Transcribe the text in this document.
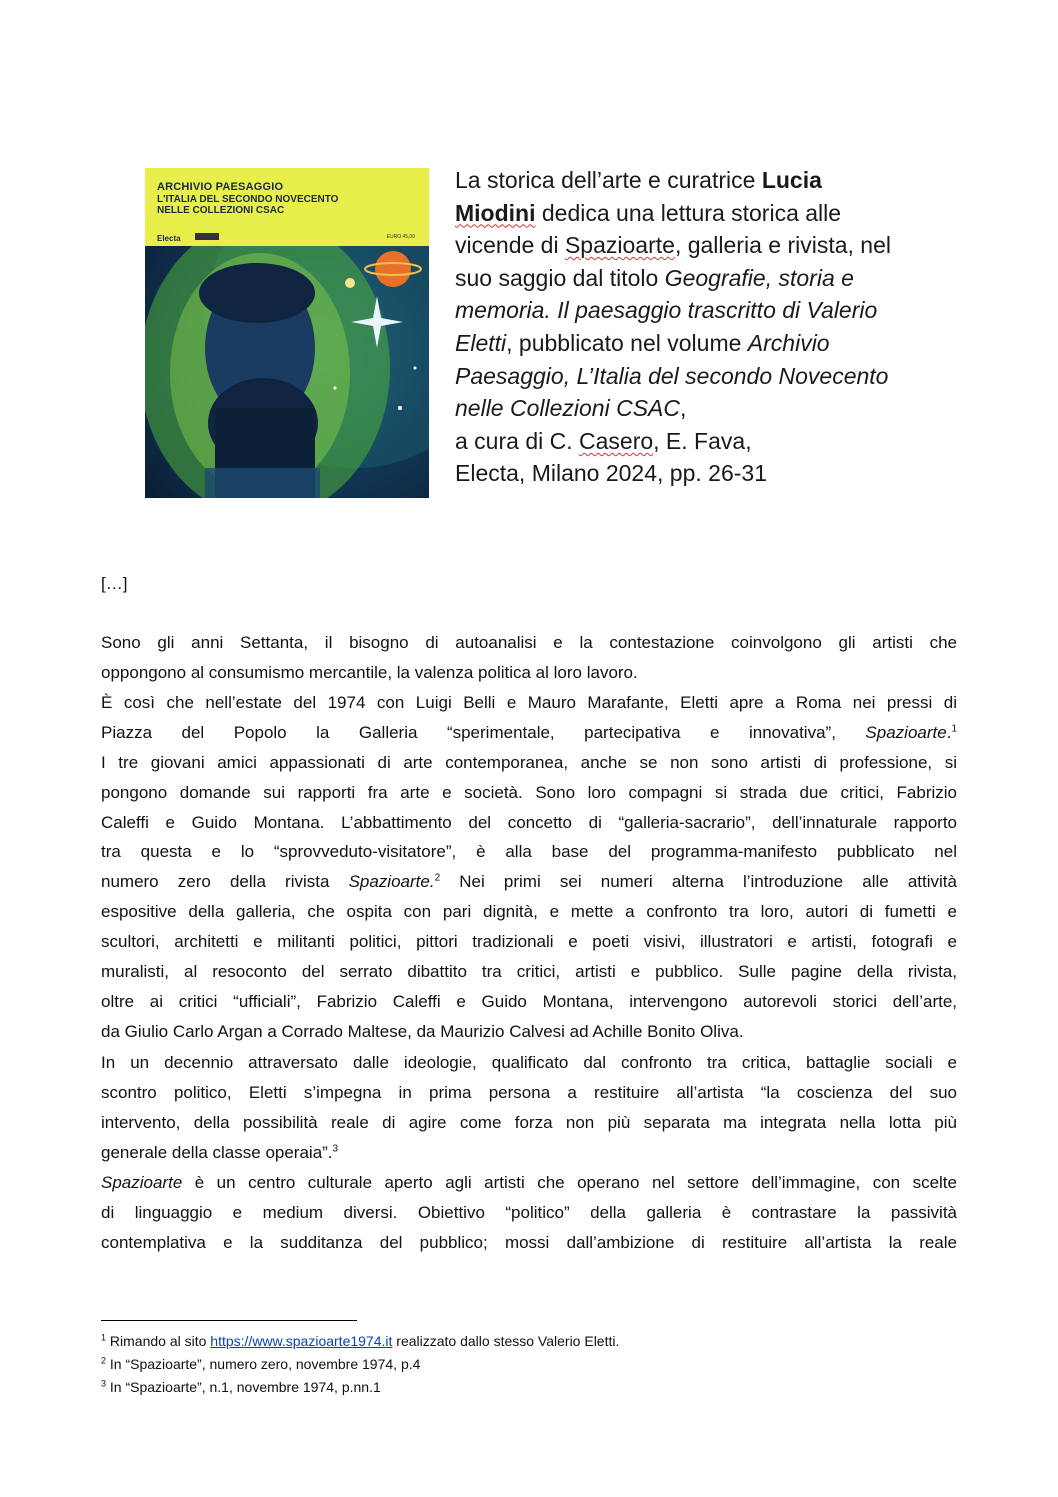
ARCHIVIO PAESAGGIO
L'ITALIA DEL SECONDO NOVECENTO
NELLE COLLEZIONI CSAC
Electa	EURO 45,00
La storica dell’arte e curatrice Lucia
Miodini dedica una lettura storica alle
vicende di Spazioarte, galleria e rivista, nel
suo saggio dal titolo Geografie, storia e
memoria. Il paesaggio trascritto di Valerio
Eletti, pubblicato nel volume Archivio
Paesaggio, L’Italia del secondo Novecento
nelle Collezioni CSAC,
a cura di C. Casero, E. Fava,
Electa, Milano 2024, pp. 26-31
[…]
Sono gli anni Settanta, il bisogno di autoanalisi e la contestazione coinvolgono gli artisti che
oppongono al consumismo mercantile, la valenza politica al loro lavoro.
È così che nell’estate del 1974 con Luigi Belli e Mauro Marafante, Eletti apre a Roma nei pressi di
Piazza del Popolo la Galleria “sperimentale, partecipativa e innovativa”, Spazioarte.$^1$
I tre giovani amici appassionati di arte contemporanea, anche se non sono artisti di professione, si
pongono domande sui rapporti fra arte e società. Sono loro compagni si strada due critici, Fabrizio
Caleffi e Guido Montana. L’abbattimento del concetto di “galleria-sacrario”, dell’innaturale rapporto
tra questa e lo “sprovveduto-visitatore”, è alla base del programma-manifesto pubblicato nel
numero zero della rivista Spazioarte.$^2$ Nei primi sei numeri alterna l’introduzione alle attività
espositive della galleria, che ospita con pari dignità, e mette a confronto tra loro, autori di fumetti e
scultori, architetti e militanti politici, pittori tradizionali e poeti visivi, illustratori e artisti, fotografi e
muralisti, al resoconto del serrato dibattito tra critici, artisti e pubblico. Sulle pagine della rivista,
oltre ai critici “ufficiali”, Fabrizio Caleffi e Guido Montana, intervengono autorevoli storici dell’arte,
da Giulio Carlo Argan a Corrado Maltese, da Maurizio Calvesi ad Achille Bonito Oliva.
In un decennio attraversato dalle ideologie, qualificato dal confronto tra critica, battaglie sociali e
scontro politico, Eletti s’impegna in prima persona a restituire all’artista “la coscienza del suo
intervento, della possibilità reale di agire come forza non più separata ma integrata nella lotta più
generale della classe operaia”.$^3$
Spazioarte è un centro culturale aperto agli artisti che operano nel settore dell’immagine, con scelte
di linguaggio e medium diversi. Obiettivo “politico” della galleria è contrastare la passività
contemplativa e la sudditanza del pubblico; mossi dall’ambizione di restituire all’artista la reale
$^1$ Rimando al sito https://www.spazioarte1974.it realizzato dallo stesso Valerio Eletti.
$^2$ In “Spazioarte”, numero zero, novembre 1974, p.4
$^3$ In “Spazioarte”, n.1, novembre 1974, p.nn.1
